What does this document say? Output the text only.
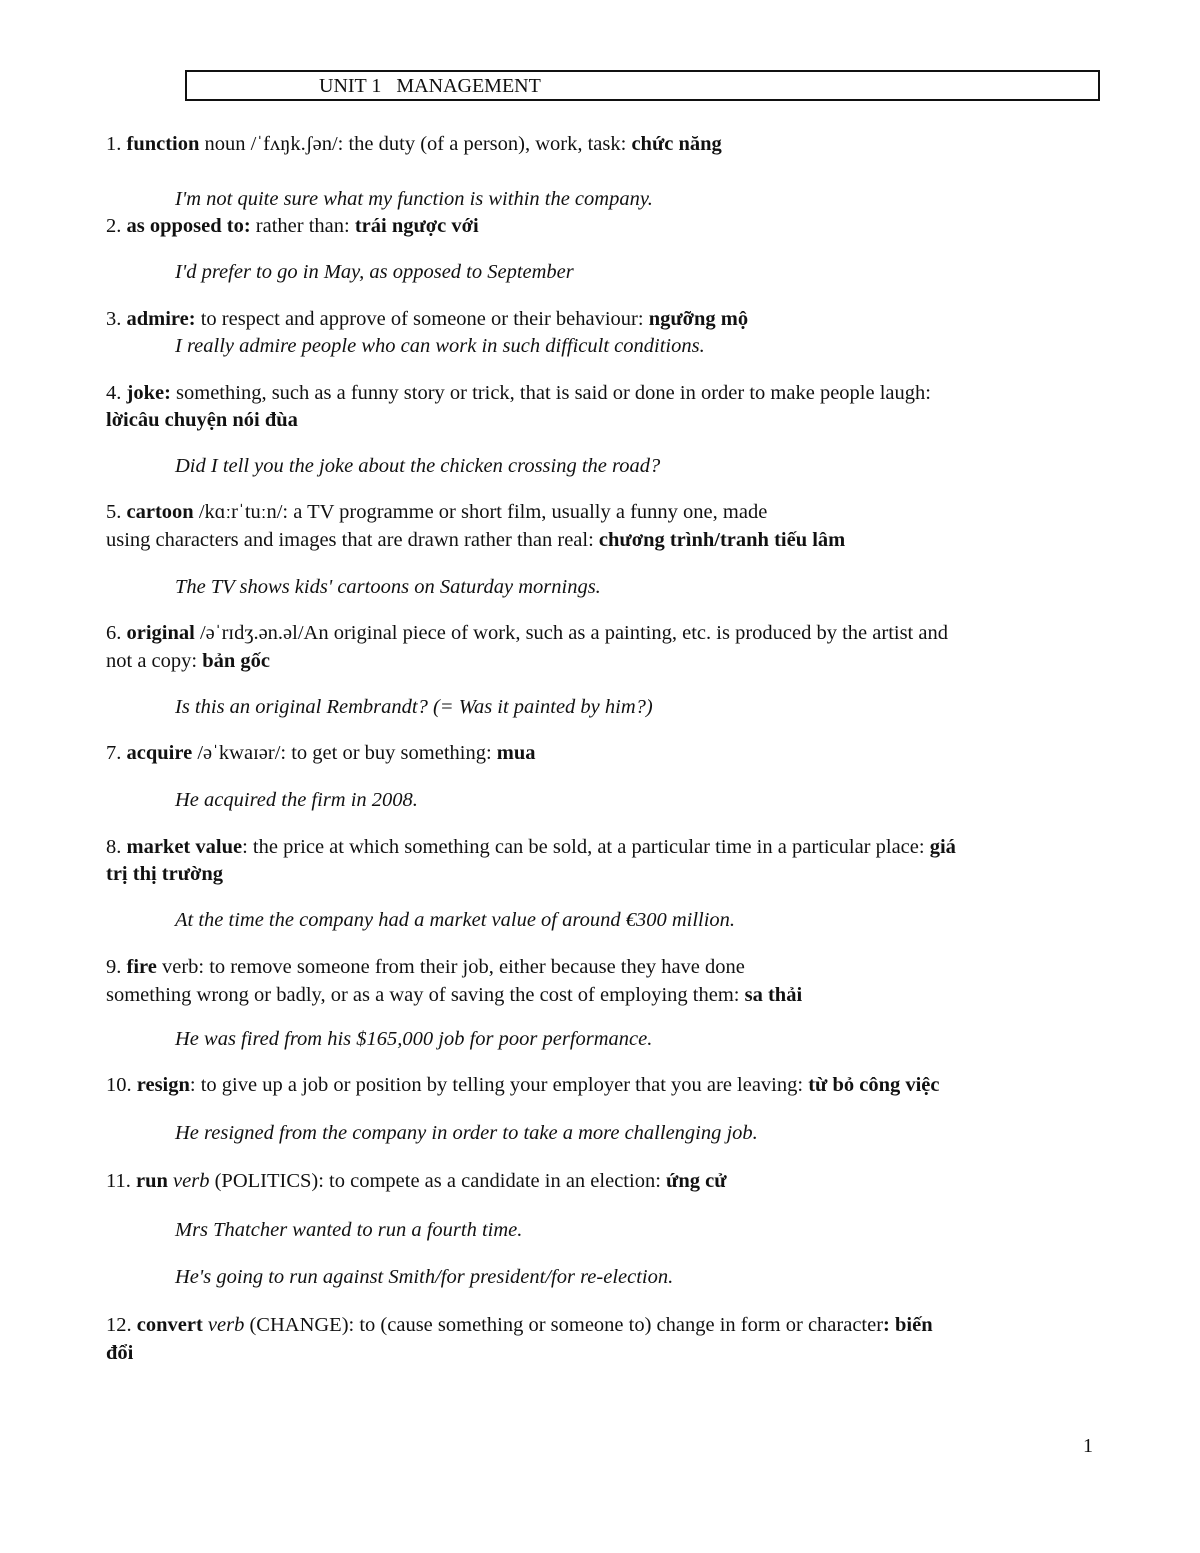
UNIT 1   MANAGEMENT
1. function noun /ˈfʌŋk.ʃən/: the duty (of a person), work, task: chức năng
I'm not quite sure what my function is within the company.
2. as opposed to: rather than: trái ngược với
I'd prefer to go in May, as opposed to September
3. admire: to respect and approve of someone or their behaviour: ngưỡng mộ
I really admire people who can work in such difficult conditions.
4. joke: something, such as a funny story or trick, that is said or done in order to make people laugh:
lờicâu chuyện nói đùa
Did I tell you the joke about the chicken crossing the road?
5. cartoon /kɑːrˈtuːn/: a TV programme or short film, usually a funny one, made
using characters and images that are drawn rather than real: chương trình/tranh tiếu lâm
The TV shows kids' cartoons on Saturday mornings.
6. original /əˈrɪdʒ.ən.əl/An original piece of work, such as a painting, etc. is produced by the artist and
not a copy: bản gốc
Is this an original Rembrandt? (= Was it painted by him?)
7. acquire /əˈkwaɪər/: to get or buy something: mua
He acquired the firm in 2008.
8. market value: the price at which something can be sold, at a particular time in a particular place: giá
trị thị trường
At the time the company had a market value of around €300 million.
9. fire verb: to remove someone from their job, either because they have done
something wrong or badly, or as a way of saving the cost of employing them: sa thải
He was fired from his $165,000 job for poor performance.
10. resign: to give up a job or position by telling your employer that you are leaving: từ bỏ công việc
He resigned from the company in order to take a more challenging job.
11. run verb (POLITICS): to compete as a candidate in an election: ứng cử
Mrs Thatcher wanted to run a fourth time.
He's going to run against Smith/for president/for re-election.
12. convert verb (CHANGE): to (cause something or someone to) change in form or character: biến
đổi
1
